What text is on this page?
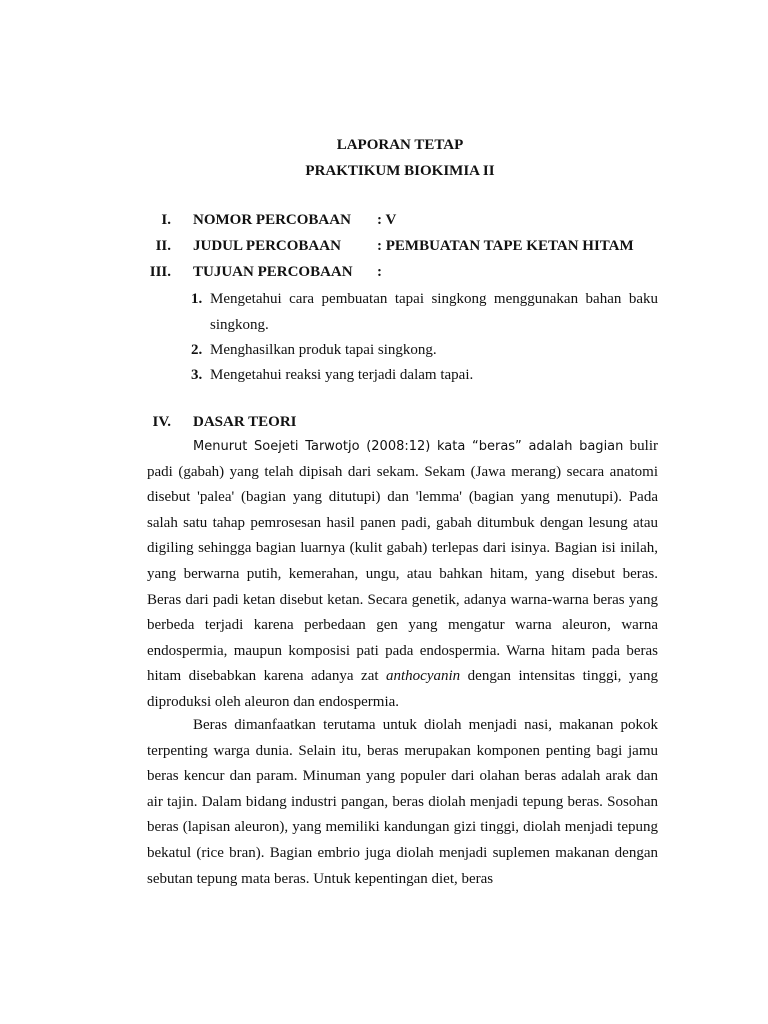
LAPORAN TETAP
PRAKTIKUM BIOKIMIA II
I. NOMOR PERCOBAAN : V
II. JUDUL PERCOBAAN : PEMBUATAN TAPE KETAN HITAM
III. TUJUAN PERCOBAAN :
1. Mengetahui cara pembuatan tapai singkong menggunakan bahan baku
singkong.
2. Menghasilkan produk tapai singkong.
3. Mengetahui reaksi yang terjadi dalam tapai.
IV. DASAR TEORI
Menurut Soejeti Tarwotjo (2008:12) kata “beras” adalah bagian bulir padi (gabah) yang telah dipisah dari sekam. Sekam (Jawa merang) secara anatomi disebut 'palea' (bagian yang ditutupi) dan 'lemma' (bagian yang menutupi). Pada salah satu tahap pemrosesan hasil panen padi, gabah ditumbuk dengan lesung atau digiling sehingga bagian luarnya (kulit gabah) terlepas dari isinya. Bagian isi inilah, yang berwarna putih, kemerahan, ungu, atau bahkan hitam, yang disebut beras. Beras dari padi ketan disebut ketan. Secara genetik, adanya warna-warna beras yang berbeda terjadi karena perbedaan gen yang mengatur warna aleuron, warna endospermia, maupun komposisi pati pada endospermia. Warna hitam pada beras hitam disebabkan karena adanya zat anthocyanin dengan intensitas tinggi, yang diproduksi oleh aleuron dan endospermia.
Beras dimanfaatkan terutama untuk diolah menjadi nasi, makanan pokok terpenting warga dunia. Selain itu, beras merupakan komponen penting bagi jamu beras kencur dan param. Minuman yang populer dari olahan beras adalah arak dan air tajin. Dalam bidang industri pangan, beras diolah menjadi tepung beras. Sosohan beras (lapisan aleuron), yang memiliki kandungan gizi tinggi, diolah menjadi tepung bekatul (rice bran). Bagian embrio juga diolah menjadi suplemen makanan dengan sebutan tepung mata beras. Untuk kepentingan diet, beras
